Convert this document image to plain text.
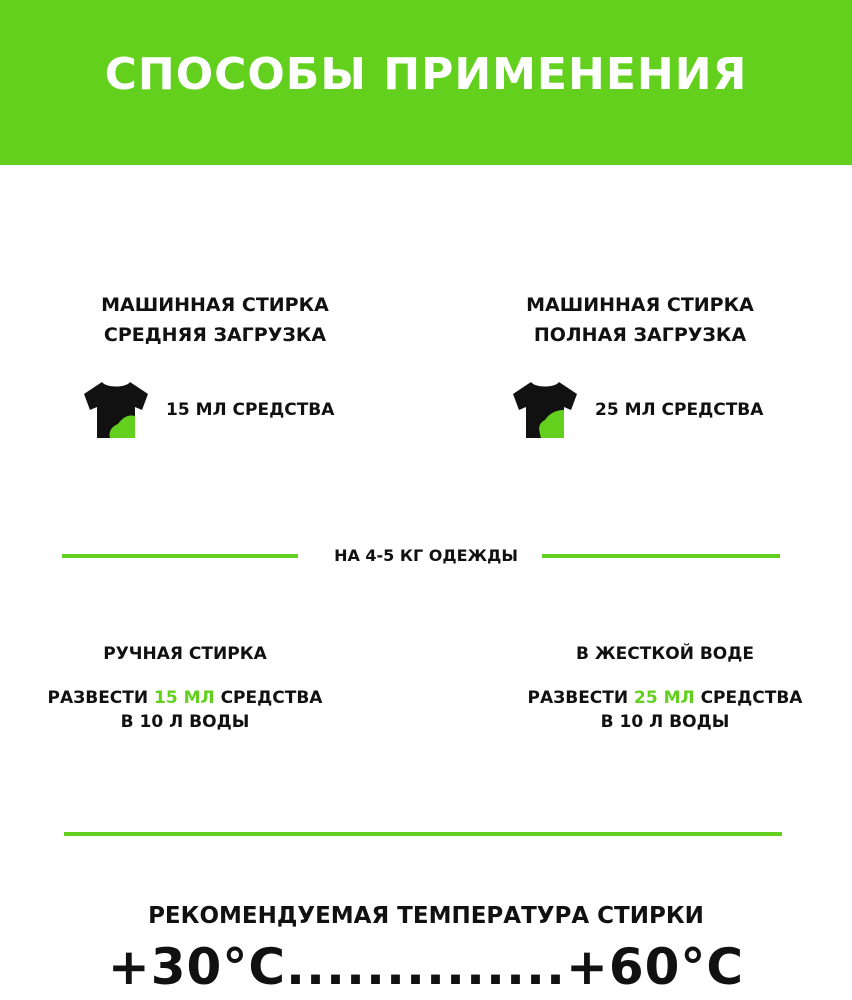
СПОСОБЫ ПРИМЕНЕНИЯ
МАШИННАЯ СТИРКА
СРЕДНЯЯ ЗАГРУЗКА
15 МЛ СРЕДСТВА
МАШИННАЯ СТИРКА
ПОЛНАЯ ЗАГРУЗКА
25 МЛ СРЕДСТВА
НА 4-5 КГ ОДЕЖДЫ
РУЧНАЯ СТИРКА
РАЗВЕСТИ 15 МЛ СРЕДСТВА
В 10 Л ВОДЫ
В ЖЕСТКОЙ ВОДЕ
РАЗВЕСТИ 25 МЛ СРЕДСТВА
В 10 Л ВОДЫ
РЕКОМЕНДУЕМАЯ ТЕМПЕРАТУРА СТИРКИ
+30°С..............+60°С
